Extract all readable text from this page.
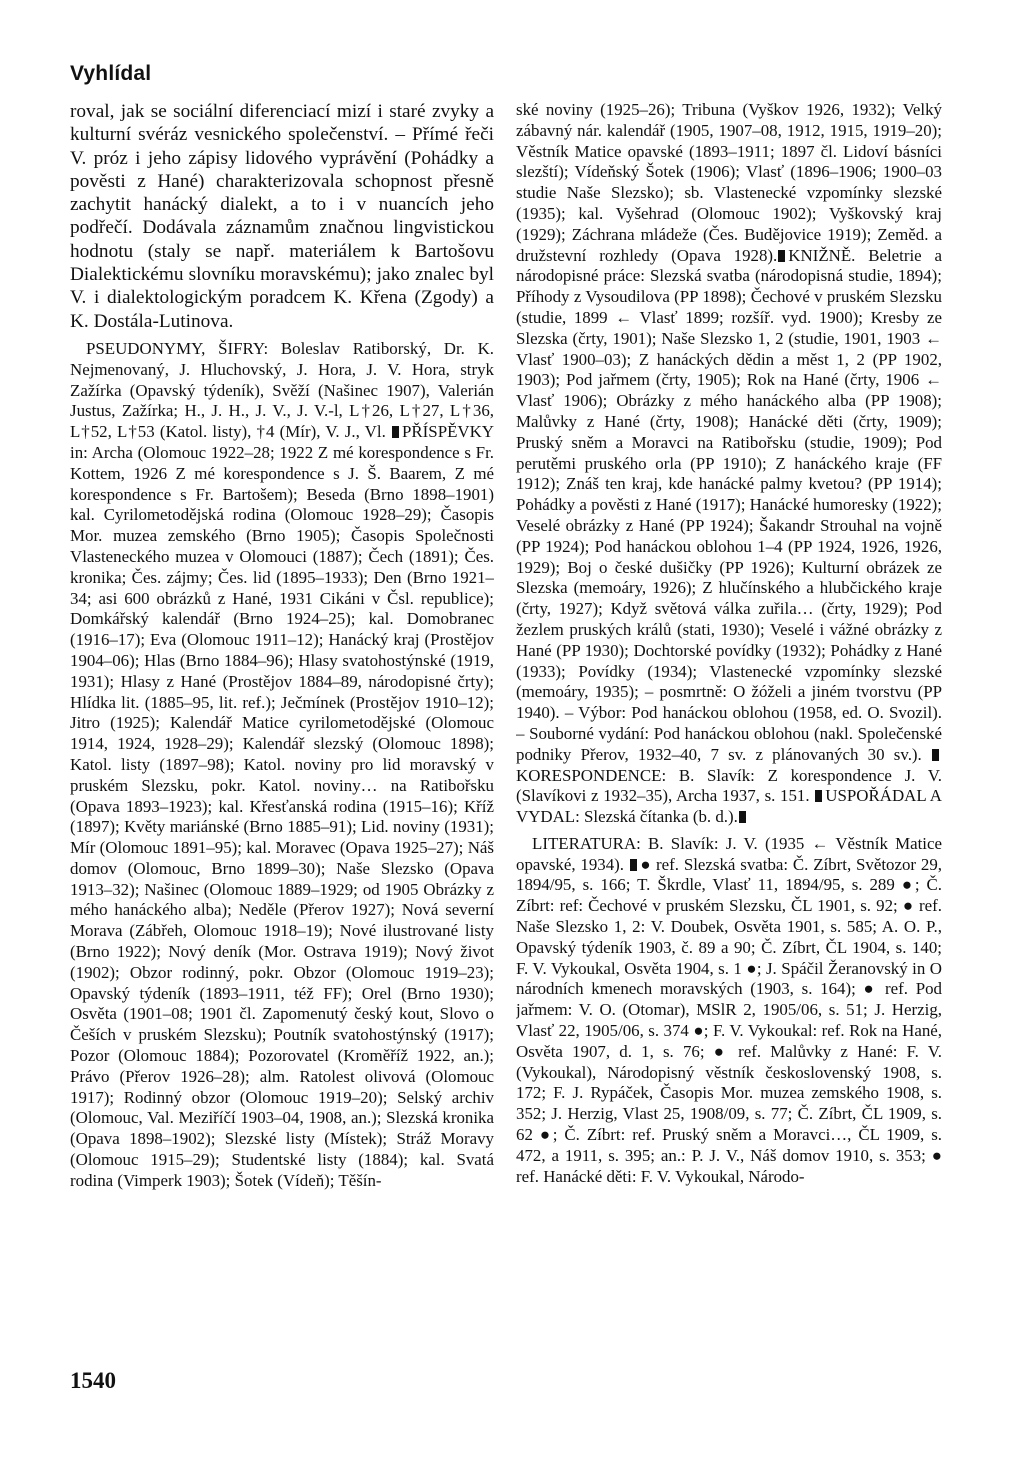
Vyhlídal

roval, jak se sociální diferenciací mizí i staré zvyky a kulturní svéráz vesnického společenství. – Přímé řeči V. próz i jeho zápisy lidového vyprávění (Pohádky a pověsti z Hané) charakterizovala schopnost přesně zachytit hanácký dialekt, a to i v nuancích jeho podřečí. Dodávala záznamům značnou lingvistickou hodnotu (staly se např. materiálem k Bartošovu Dialektickému slovníku moravskému); jako znalec byl V. i dialektologickým poradcem K. Křena (Zgody) a K. Dostála-Lutinova.

PSEUDONYMY, ŠIFRY: Boleslav Ratiborský, Dr. K. Nejmenovaný, J. Hluchovský, J. Hora, J. V. Hora, stryk Zažírka (Opavský týdeník), Svěží (Našinec 1907), Valerián Justus, Zažírka; H., J. H., J. V., J. V.-l, L†26, L†27, L†36, L†52, L†53 (Katol. listy), †4 (Mír), V. J., Vl. PŘÍSPĚVKY in: Archa (Olomouc 1922–28; 1922 Z mé korespondence s Fr. Kottem, 1926 Z mé korespondence s J. Š. Baarem, Z mé korespondence s Fr. Bartošem); Beseda (Brno 1898–1901) kal. Cyrilometodějská rodina (Olomouc 1928–29); Časopis Mor. muzea zemského (Brno 1905); Časopis Společnosti Vlasteneckého muzea v Olomouci (1887); Čech (1891); Čes. kronika; Čes. zájmy; Čes. lid (1895–1933); Den (Brno 1921–34; asi 600 obrázků z Hané, 1931 Cikáni v Čsl. republice); Domkářský kalendář (Brno 1924–25); kal. Domobranec (1916–17); Eva (Olomouc 1911–12); Hanácký kraj (Prostějov 1904–06); Hlas (Brno 1884–96); Hlasy svatohostýnské (1919, 1931); Hlasy z Hané (Prostějov 1884–89, národopisné črty); Hlídka lit. (1885–95, lit. ref.); Ječmínek (Prostějov 1910–12); Jitro (1925); Kalendář Matice cyrilometodějské (Olomouc 1914, 1924, 1928–29); Kalendář slezský (Olomouc 1898); Katol. listy (1897–98); Katol. noviny pro lid moravský v pruském Slezsku, pokr. Katol. noviny… na Ratibořsku (Opava 1893–1923); kal. Křesťanská rodina (1915–16); Kříž (1897); Květy mariánské (Brno 1885–91); Lid. noviny (1931); Mír (Olomouc 1891–95); kal. Moravec (Opava 1925–27); Náš domov (Olomouc, Brno 1899–30); Naše Slezsko (Opava 1913–32); Našinec (Olomouc 1889–1929; od 1905 Obrázky z mého hanáckého alba); Neděle (Přerov 1927); Nová severní Morava (Zábřeh, Olomouc 1918–19); Nové ilustrované listy (Brno 1922); Nový deník (Mor. Ostrava 1919); Nový život (1902); Obzor rodinný, pokr. Obzor (Olomouc 1919–23); Opavský týdeník (1893–1911, též FF); Orel (Brno 1930); Osvěta (1901–08; 1901 čl. Zapomenutý český kout, Slovo o Češích v pruském Slezsku); Poutník svatohostýnský (1917); Pozor (Olomouc 1884); Pozorovatel (Kroměříž 1922, an.); Právo (Přerov 1926–28); alm. Ratolest olivová (Olomouc 1917); Rodinný obzor (Olomouc 1919–20); Selský archiv (Olomouc, Val. Meziříčí 1903–04, 1908, an.); Slezská kronika (Opava 1898–1902); Slezské listy (Místek); Stráž Moravy (Olomouc 1915–29); Studentské listy (1884); kal. Svatá rodina (Vimperk 1903); Šotek (Vídeň); Těšín-

ské noviny (1925–26); Tribuna (Vyškov 1926, 1932); Velký zábavný nár. kalendář (1905, 1907–08, 1912, 1915, 1919–20); Věstník Matice opavské (1893–1911; 1897 čl. Lidoví básníci slezští); Vídeňský Šotek (1906); Vlasť (1896–1906; 1900–03 studie Naše Slezsko); sb. Vlastenecké vzpomínky slezské (1935); kal. Vyšehrad (Olomouc 1902); Vyškovský kraj (1929); Záchrana mládeže (Čes. Budějovice 1919); Zeměd. a družstevní rozhledy (Opava 1928). KNIŽNĚ. Beletrie a národopisné práce: Slezská svatba (národopisná studie, 1894); Příhody z Vysoudilova (PP 1898); Čechové v pruském Slezsku (studie, 1899 ← Vlasť 1899; rozšíř. vyd. 1900); Kresby ze Slezska (črty, 1901); Naše Slezsko 1, 2 (studie, 1901, 1903 ← Vlasť 1900–03); Z hanáckých dědin a měst 1, 2 (PP 1902, 1903); Pod jařmem (črty, 1905); Rok na Hané (črty, 1906 ← Vlasť 1906); Obrázky z mého hanáckého alba (PP 1908); Malůvky z Hané (črty, 1908); Hanácké děti (črty, 1909); Pruský sněm a Moravci na Ratibořsku (studie, 1909); Pod perutěmi pruského orla (PP 1910); Z hanáckého kraje (FF 1912); Znáš ten kraj, kde hanácké palmy kvetou? (PP 1914); Pohádky a pověsti z Hané (1917); Hanácké humoresky (1922); Veselé obrázky z Hané (PP 1924); Šakandr Strouhal na vojně (PP 1924); Pod hanáckou oblohou 1–4 (PP 1924, 1926, 1926, 1929); Boj o české dušičky (PP 1926); Kulturní obrázek ze Slezska (memoáry, 1926); Z hlučínského a hlubčického kraje (črty, 1927); Když světová válka zuřila… (črty, 1929); Pod žezlem pruských králů (stati, 1930); Veselé i vážné obrázky z Hané (PP 1930); Dochtorské povídky (1932); Pohádky z Hané (1933); Povídky (1934); Vlastenecké vzpomínky slezské (memoáry, 1935); – posmrtně: O žóželi a jiném tvorstvu (PP 1940). – Výbor: Pod hanáckou oblohou (1958, ed. O. Svozil). – Souborné vydání: Pod hanáckou oblohou (nakl. Společenské podniky Přerov, 1932–40, 7 sv. z plánovaných 30 sv.). KORESPONDENCE: B. Slavík: Z korespondence J. V. (Slavíkovi z 1932–35), Archa 1937, s. 151. USPOŘÁDAL A VYDAL: Slezská čítanka (b. d.).

LITERATURA: B. Slavík: J. V. (1935 ← Věstník Matice opavské, 1934). ● ref. Slezská svatba: Č. Zíbrt, Světozor 29, 1894/95, s. 166; T. Škrdle, Vlasť 11, 1894/95, s. 289 ●; Č. Zíbrt: ref: Čechové v pruském Slezsku, ČL 1901, s. 92; ● ref. Naše Slezsko 1, 2: V. Doubek, Osvěta 1901, s. 585; A. O. P., Opavský týdeník 1903, č. 89 a 90; Č. Zíbrt, ČL 1904, s. 140; F. V. Vykoukal, Osvěta 1904, s. 1 ●; J. Spáčil Žeranovský in O národních kmenech moravských (1903, s. 164); ● ref. Pod jařmem: V. O. (Otomar), MSlR 2, 1905/06, s. 51; J. Herzig, Vlasť 22, 1905/06, s. 374 ●; F. V. Vykoukal: ref. Rok na Hané, Osvěta 1907, d. 1, s. 76; ● ref. Malůvky z Hané: F. V. (Vykoukal), Národopisný věstník československý 1908, s. 172; F. J. Rypáček, Časopis Mor. muzea zemského 1908, s. 352; J. Herzig, Vlast 25, 1908/09, s. 77; Č. Zíbrt, ČL 1909, s. 62 ●; Č. Zíbrt: ref. Pruský sněm a Moravci…, ČL 1909, s. 472, a 1911, s. 395; an.: P. J. V., Náš domov 1910, s. 353; ● ref. Hanácké děti: F. V. Vykoukal, Národo-

1540
